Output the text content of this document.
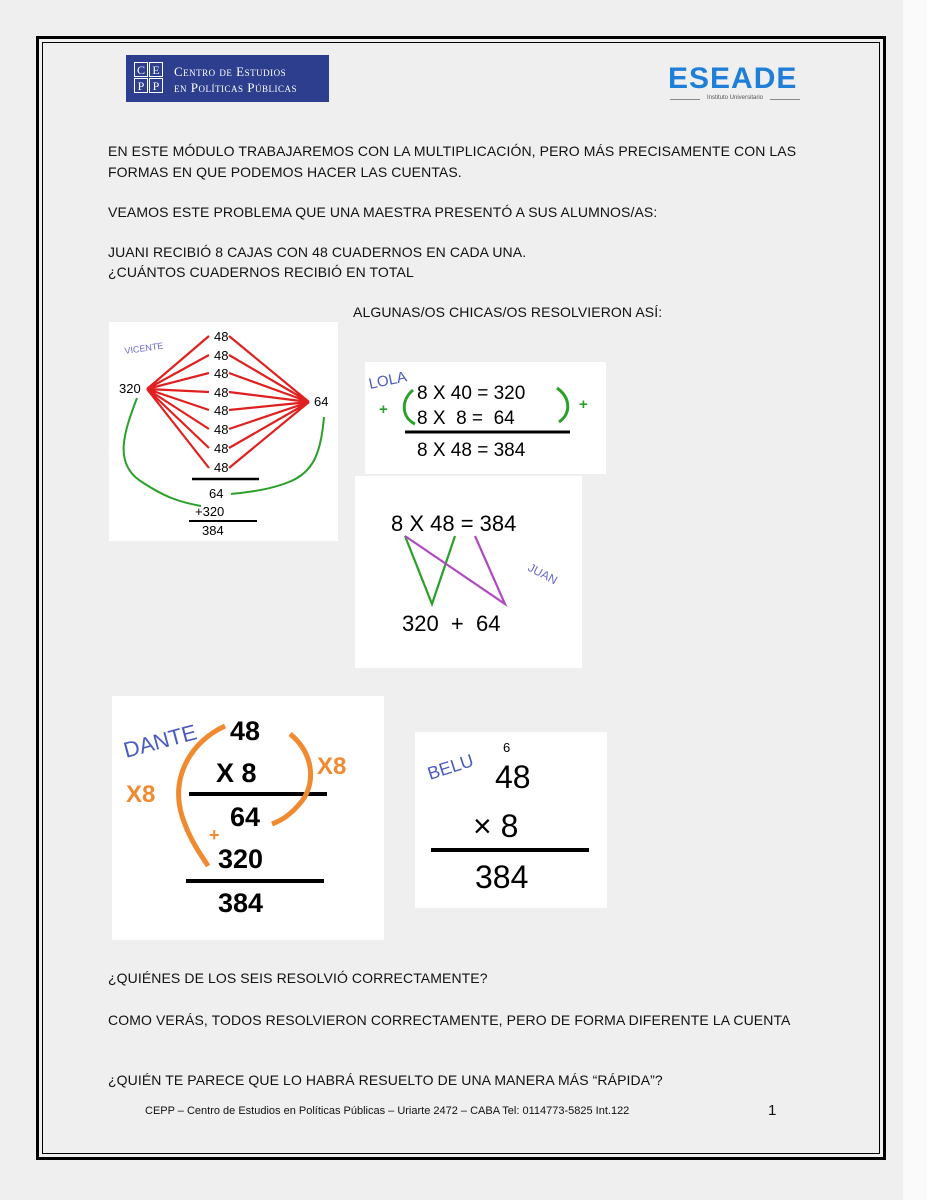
C E
P P
Centro de Estudios
en Políticas Públicas	ESEADE
Instituto Universitario
EN ESTE MÓDULO TRABAJAREMOS CON LA MULTIPLICACIÓN, PERO MÁS PRECISAMENTE CON LAS FORMAS EN QUE PODEMOS HACER LAS CUENTAS.
VEAMOS ESTE PROBLEMA QUE UNA MAESTRA PRESENTÓ A SUS ALUMNOS/AS:
JUANI RECIBIÓ 8 CAJAS CON 48 CUADERNOS EN CADA UNA.
¿CUÁNTOS CUADERNOS RECIBIÓ EN TOTAL
ALGUNAS/OS CHICAS/OS RESOLVIERON ASÍ:
VICENTE
48
48
48
48
48
48
48
48
320
64
64
+320
384
LOLA
8 X 40 = 320
8 X  8 =  64
8 X 48 = 384
+	+
8 X 48 = 384
JUAN
320  +  64
DANTE 48
X 8
64
320
384
X8
X8
+
BELU
6
48
× 8
384
¿QUIÉNES DE LOS SEIS RESOLVIÓ CORRECTAMENTE?
COMO VERÁS, TODOS RESOLVIERON CORRECTAMENTE, PERO DE FORMA DIFERENTE LA CUENTA
¿QUIÉN TE PARECE QUE LO HABRÁ RESUELTO DE UNA MANERA MÁS “RÁPIDA”?
CEPP – Centro de Estudios en Políticas Públicas – Uriarte 2472 – CABA Tel: 0114773-5825 Int.122	1
